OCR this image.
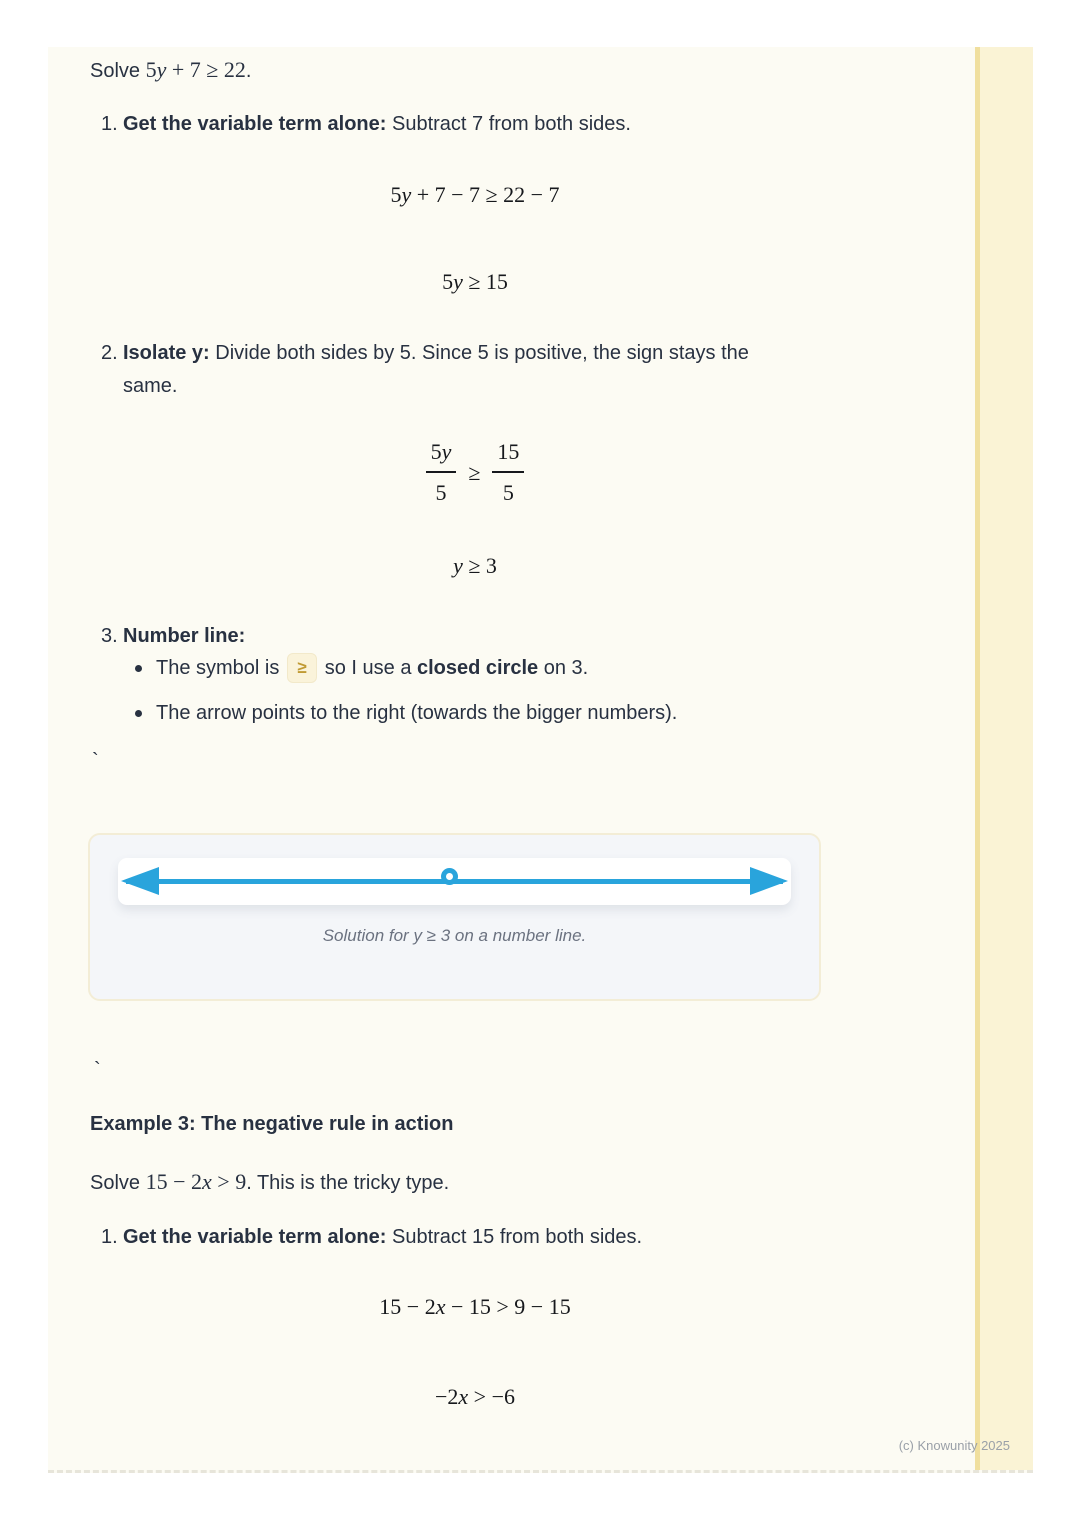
Solve 5y + 7 ≥ 22.
1. Get the variable term alone: Subtract 7 from both sides.
5y + 7 − 7 ≥ 22 − 7
5y ≥ 15
2. Isolate y: Divide both sides by 5. Since 5 is positive, the sign stays the same.
$\frac{5y}{5} \ge \frac{15}{5}$
y ≥ 3
3. Number line:
The symbol is ≥ so I use a closed circle on 3.
The arrow points to the right (towards the bigger numbers).
`
Solution for y ≥ 3 on a number line.
`
Example 3: The negative rule in action
Solve 15 − 2x > 9. This is the tricky type.
1. Get the variable term alone: Subtract 15 from both sides.
15 − 2x − 15 > 9 − 15
−2x > −6
(c) Knowunity 2025
